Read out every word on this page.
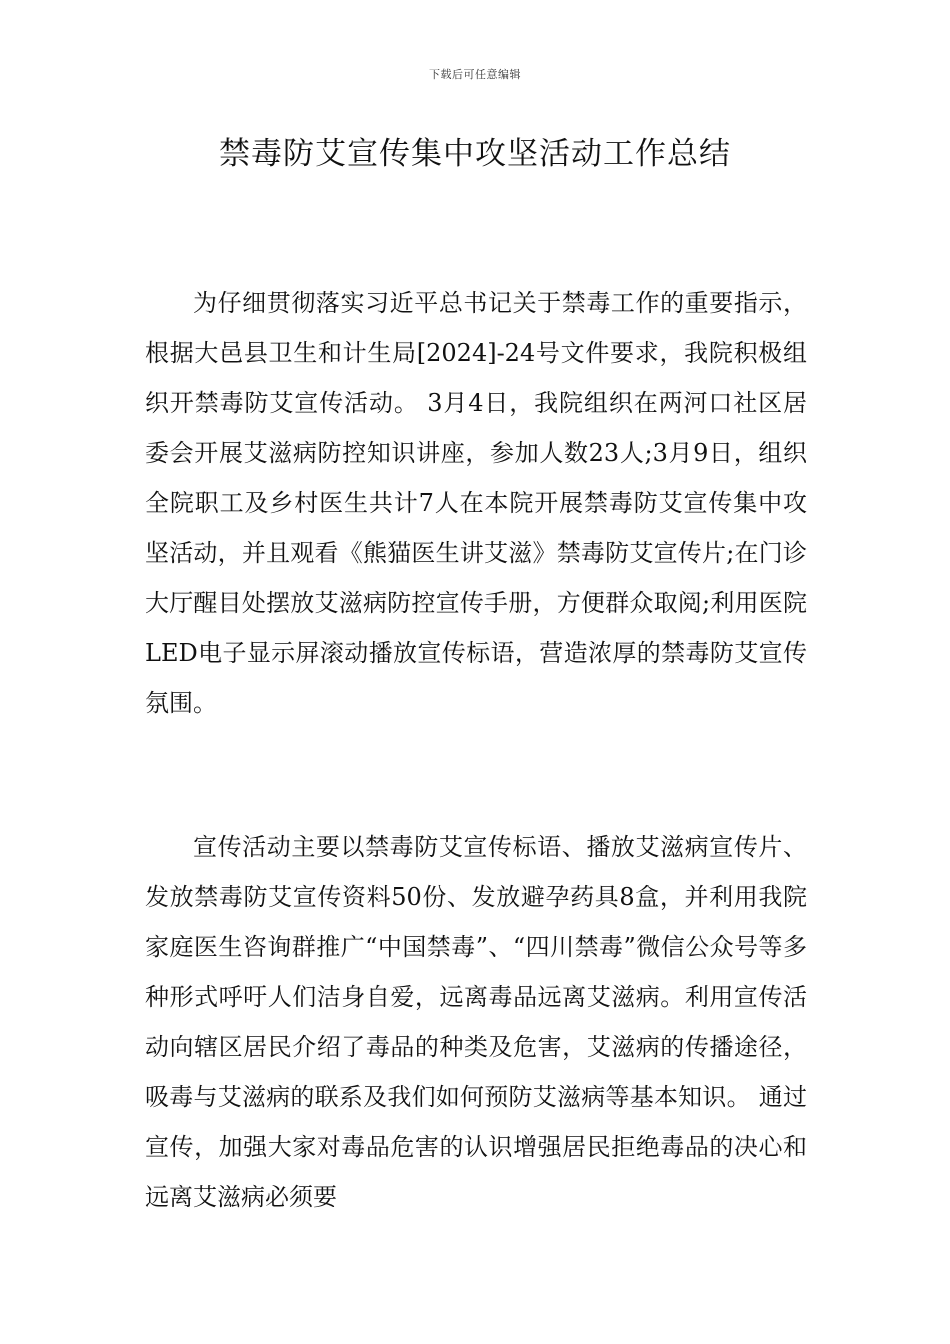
下载后可任意编辑
禁毒防艾宣传集中攻坚活动工作总结

为仔细贯彻落实习近平总书记关于禁毒工作的重要指示，根据大邑县卫生和计生局[2024]-24号文件要求，我院积极组织开禁毒防艾宣传活动。 3月4日，我院组织在两河口社区居委会开展艾滋病防控知识讲座，参加人数23人;3月9日，组织全院职工及乡村医生共计7人在本院开展禁毒防艾宣传集中攻坚活动，并且观看《熊猫医生讲艾滋》禁毒防艾宣传片;在门诊大厅醒目处摆放艾滋病防控宣传手册，方便群众取阅;利用医院LED电子显示屏滚动播放宣传标语，营造浓厚的禁毒防艾宣传氛围。

宣传活动主要以禁毒防艾宣传标语、播放艾滋病宣传片、发放禁毒防艾宣传资料50份、发放避孕药具8盒，并利用我院家庭医生咨询群推广“中国禁毒”、“四川禁毒”微信公众号等多种形式呼吁人们洁身自爱，远离毒品远离艾滋病。利用宣传活动向辖区居民介绍了毒品的种类及危害，艾滋病的传播途径，吸毒与艾滋病的联系及我们如何预防艾滋病等基本知识。 通过宣传，加强大家对毒品危害的认识增强居民拒绝毒品的决心和远离艾滋病必须要
